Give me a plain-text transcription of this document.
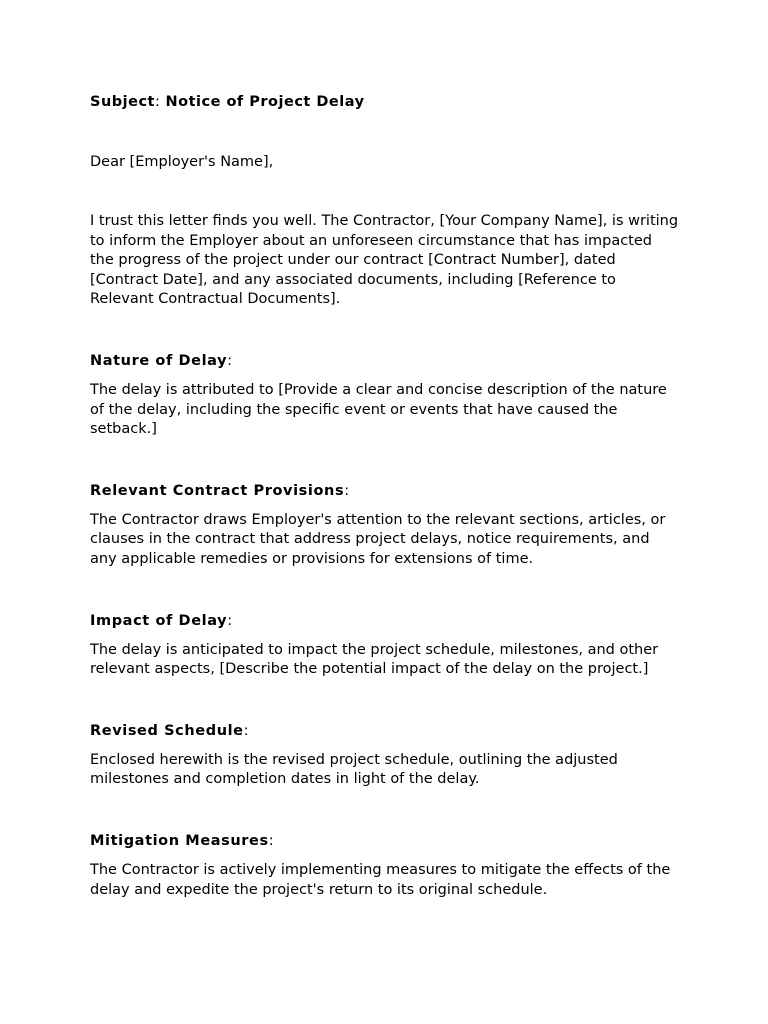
Subject: Notice of Project Delay

Dear [Employer's Name],

I trust this letter finds you well. The Contractor, [Your Company Name], is writing to inform the Employer about an unforeseen circumstance that has impacted the progress of the project under our contract [Contract Number], dated [Contract Date], and any associated documents, including [Reference to Relevant Contractual Documents].

Nature of Delay:

The delay is attributed to [Provide a clear and concise description of the nature of the delay, including the specific event or events that have caused the setback.]

Relevant Contract Provisions:

The Contractor draws Employer's attention to the relevant sections, articles, or clauses in the contract that address project delays, notice requirements, and any applicable remedies or provisions for extensions of time.

Impact of Delay:

The delay is anticipated to impact the project schedule, milestones, and other relevant aspects, [Describe the potential impact of the delay on the project.]

Revised Schedule:

Enclosed herewith is the revised project schedule, outlining the adjusted milestones and completion dates in light of the delay.

Mitigation Measures:

The Contractor is actively implementing measures to mitigate the effects of the delay and expedite the project's return to its original schedule.
